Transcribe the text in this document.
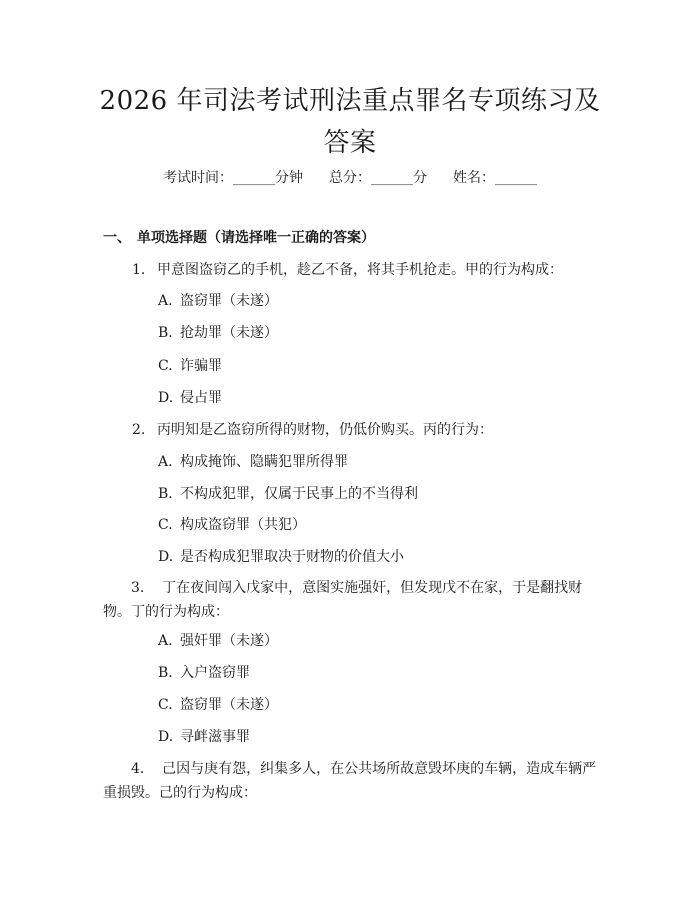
2026 年司法考试刑法重点罪名专项练习及答案
考试时间：______分钟 总分：______分 姓名：______
一、 单项选择题（请选择唯一正确的答案）
1. 甲意图盗窃乙的手机，趁乙不备，将其手机抢走。甲的行为构成：
A. 盗窃罪（未遂）
B. 抢劫罪（未遂）
C. 诈骗罪
D. 侵占罪
2. 丙明知是乙盗窃所得的财物，仍低价购买。丙的行为：
A. 构成掩饰、隐瞒犯罪所得罪
B. 不构成犯罪，仅属于民事上的不当得利
C. 构成盗窃罪（共犯）
D. 是否构成犯罪取决于财物的价值大小
3. 丁在夜间闯入戊家中，意图实施强奸，但发现戊不在家，于是翻找财物。丁的行为构成：
A. 强奸罪（未遂）
B. 入户盗窃罪
C. 盗窃罪（未遂）
D. 寻衅滋事罪
4. 己因与庚有怨，纠集多人，在公共场所故意毁坏庚的车辆，造成车辆严重损毁。己的行为构成：
